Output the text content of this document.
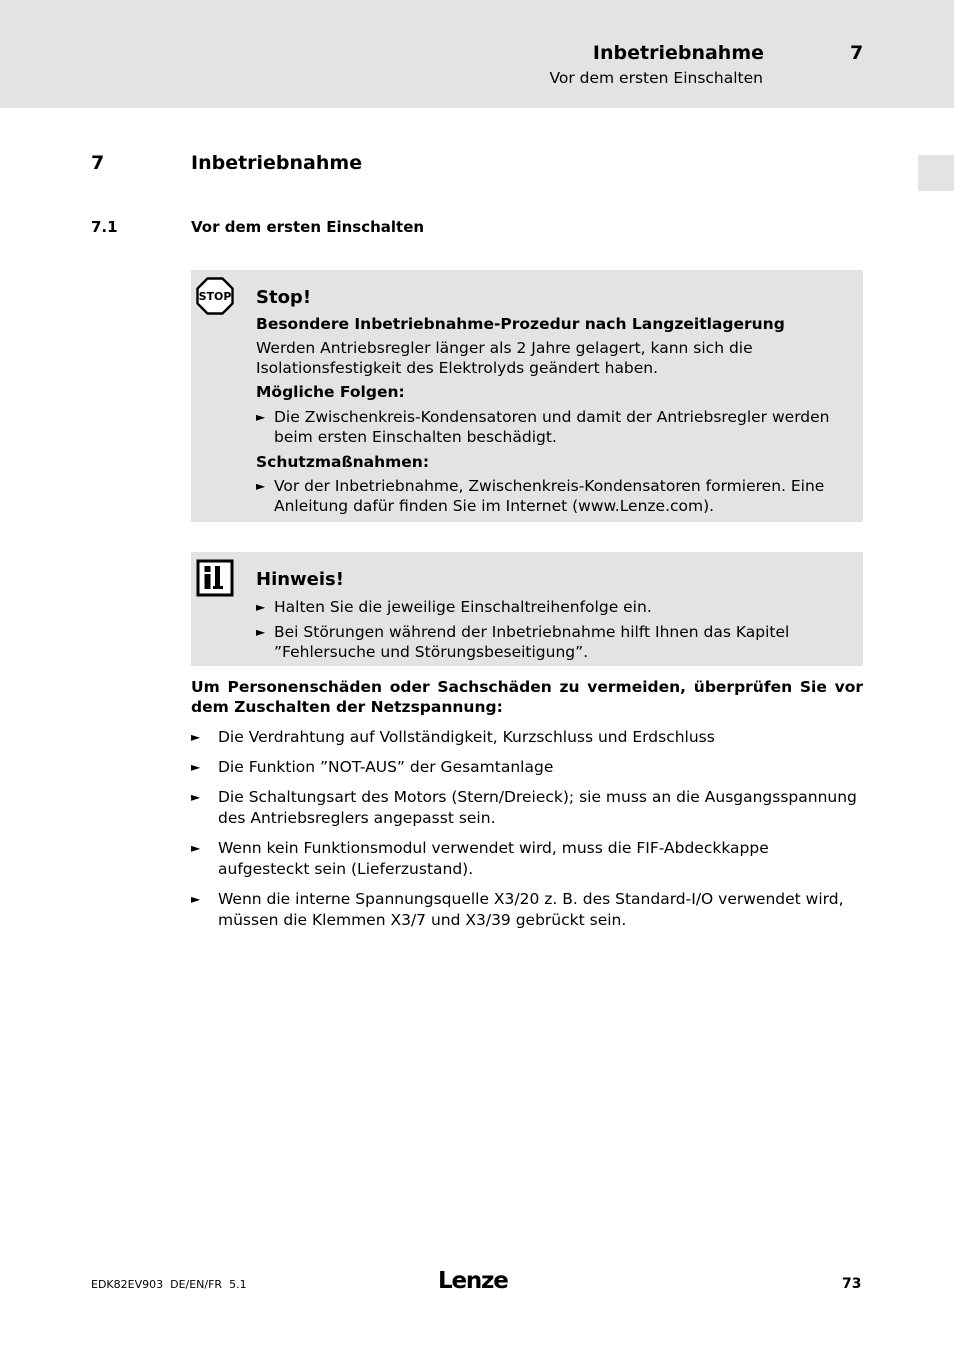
Inbetriebnahme	7
Vor dem ersten Einschalten
7	Inbetriebnahme
7.1	Vor dem ersten Einschalten
STOP Stop!
Besondere Inbetriebnahme-Prozedur nach Langzeitlagerung
Werden Antriebsregler länger als 2 Jahre gelagert, kann sich die Isolationsfestigkeit des Elektrolyds geändert haben.
Mögliche Folgen:
► Die Zwischenkreis-Kondensatoren und damit der Antriebsregler werden beim ersten Einschalten beschädigt.
Schutzmaßnahmen:
► Vor der Inbetriebnahme, Zwischenkreis-Kondensatoren formieren. Eine Anleitung dafür finden Sie im Internet (www.Lenze.com).
Hinweis!
► Halten Sie die jeweilige Einschaltreihenfolge ein.
► Bei Störungen während der Inbetriebnahme hilft Ihnen das Kapitel ”Fehlersuche und Störungsbeseitigung”.
Um Personenschäden oder Sachschäden zu vermeiden, überprüfen Sie vor dem Zuschalten der Netzspannung:
►	Die Verdrahtung auf Vollständigkeit, Kurzschluss und Erdschluss
►	Die Funktion ”NOT-AUS” der Gesamtanlage
►	Die Schaltungsart des Motors (Stern/Dreieck); sie muss an die Ausgangsspannung des Antriebsreglers angepasst sein.
►	Wenn kein Funktionsmodul verwendet wird, muss die FIF-Abdeckkappe aufgesteckt sein (Lieferzustand).
►	Wenn die interne Spannungsquelle X3/20 z. B. des Standard-I/O verwendet wird, müssen die Klemmen X3/7 und X3/39 gebrückt sein.
EDK82EV903  DE/EN/FR  5.1	Lenze	73
